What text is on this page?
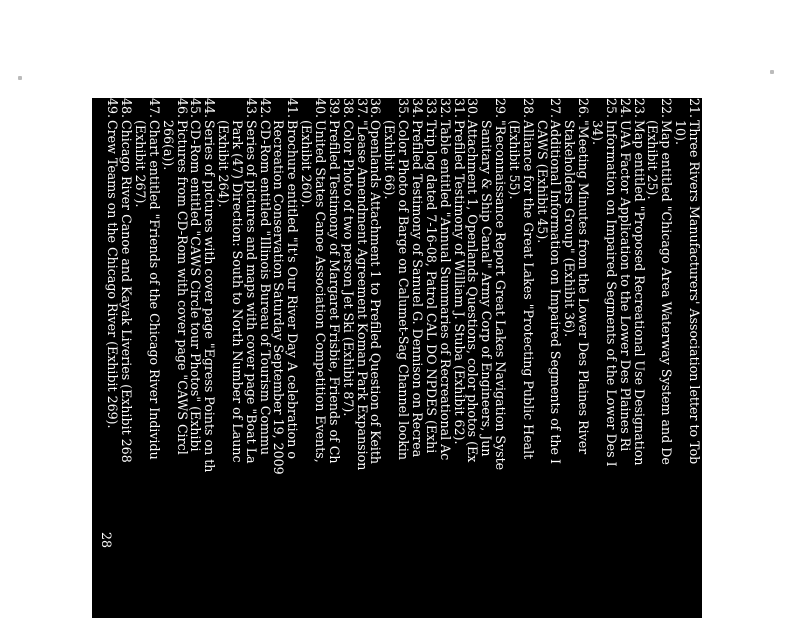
21.Three Rivers Manufacturers' Association letter to Tob
10).
22.Map entitled "Chicago Area Waterway System and De
(Exhibit 25).
23.Map entitled "Proposed Recreational Use Designation
24.UAA Factor Application to the Lower Des Plaines Ri
25.Information on Impaired Segments of the Lower Des I
34).
26."Meeting Minutes from the Lower Des Plaines River
Stakeholders Group" (Exhibit 36).
27.Additional Information on Impaired Segments of the I
CAWS (Exhibit 45).
28.Alliance for the Great Lakes "Protecting Public Healt
(Exhibit 55).
29."Reconnaissance Report Great Lakes Navigation Syste
Sanitary & Ship Canal" Army Corp of Engineers, Jun
30.Attachment 1, Openlands Questions, color photos (Ex
31.Prefiled Testimony of William J. Stuba (Exhibit 62).
32.Table entitled "Annual Summaries of Recreational Ac
33.Trip log dated 7-16-08, Patrol CAL DO NPDES (Exhi
34.Prefiled Testimony of Samuel G. Dennison on Recrea
35.Color Photo of Barge on Calumet-Sag Channel lookin
(Exhibit 66).
36.Openlands Attachment 1 to Prefiled Question of Keith
37."Lease Amendment Agreement Koman Park Expansion
38.Color Photo of two person Jet Ski (Exhibit 87).
39.Prefiled Testimony of Margaret Frisbie, Friends of Ch
40.United States Canoe Association Competition Events,
(Exhibit 260).
41.Brochure entitled "It's Our River Day A celebration o
Recreation Conservation Saturday September 19, 2009
42.CD-Rom entitled "Illinois Bureau of Tourism Commu
43.Series of pictures and maps with cover page "Boat La
Park (47) Direction: South to North Number of Launc
(Exhibit 264).
44.Series of pictures with cover page "Egress Points on th
45.CD-Rom entitled "CAWS Circle tour Photos" (Exhibi
46.Pictures from CD-Rom with cover page "CAWS Circl
266(a)).
47.Chart entitled "Friends of the Chicago River Individu
(Exhibit 267).
48.Chicago River Canoe and Kayak Liveries (Exhibit 268
49.Crew Teams on the Chicago River (Exhibit 269).
28
